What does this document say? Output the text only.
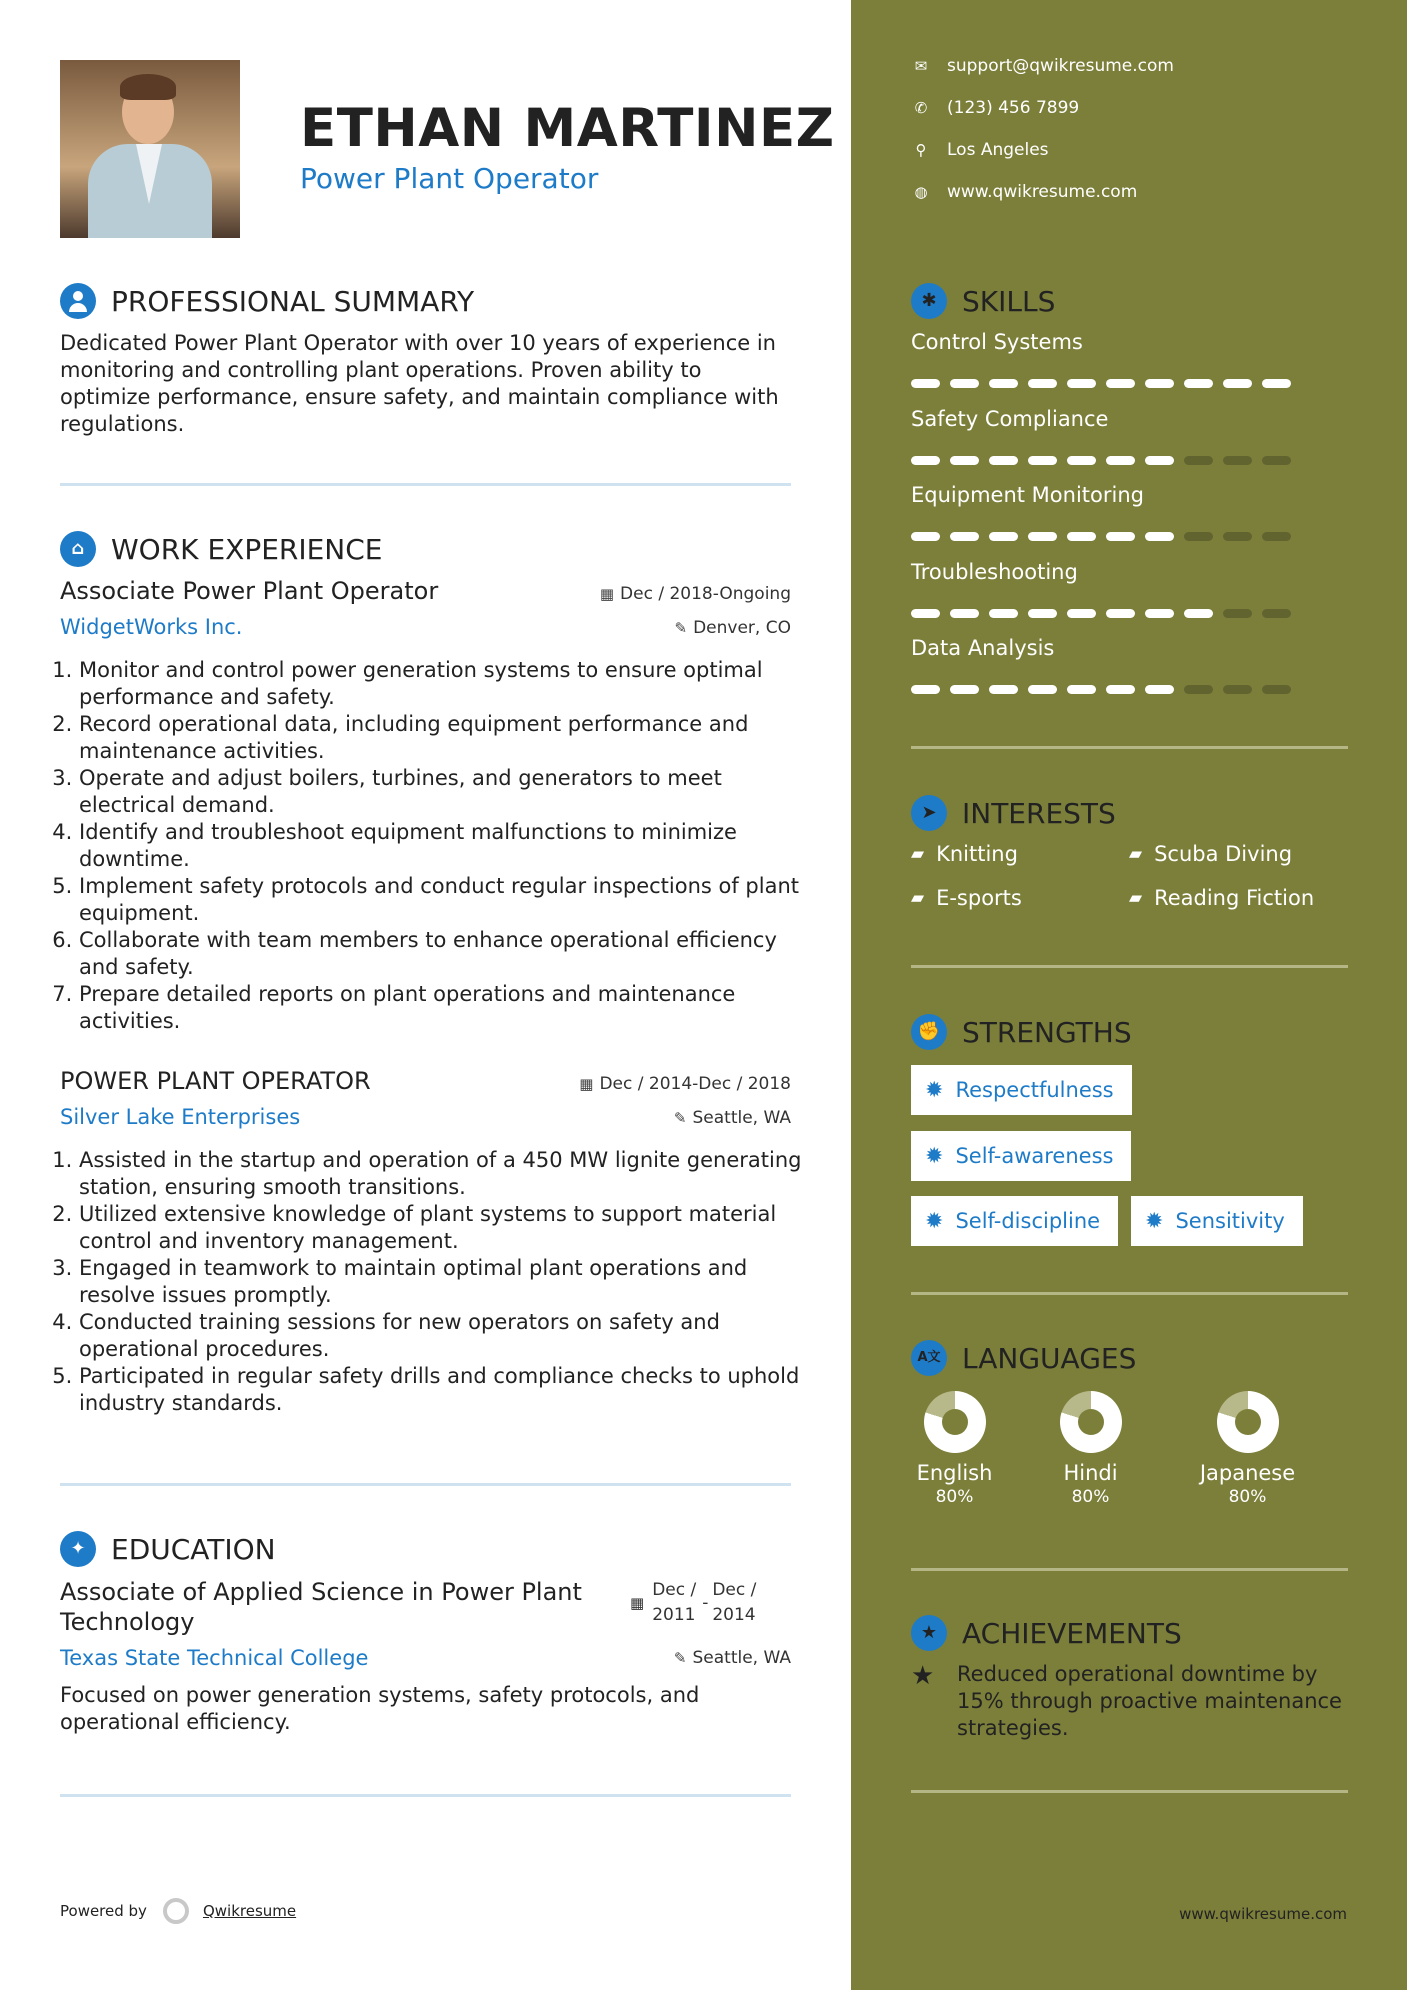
ETHAN MARTINEZ
Power Plant Operator
PROFESSIONAL SUMMARY
Dedicated Power Plant Operator with over 10 years of experience in monitoring and controlling plant operations. Proven ability to optimize performance, ensure safety, and maintain compliance with regulations.
⌂ WORK EXPERIENCE
Associate Power Plant Operator	▦ Dec / 2018-Ongoing
WidgetWorks Inc.	✎ Denver, CO
1. Monitor and control power generation systems to ensure optimal performance and safety.
2. Record operational data, including equipment performance and maintenance activities.
3. Operate and adjust boilers, turbines, and generators to meet electrical demand.
4. Identify and troubleshoot equipment malfunctions to minimize downtime.
5. Implement safety protocols and conduct regular inspections of plant equipment.
6. Collaborate with team members to enhance operational efficiency and safety.
7. Prepare detailed reports on plant operations and maintenance activities.
POWER PLANT OPERATOR	▦ Dec / 2014-Dec / 2018
Silver Lake Enterprises	✎ Seattle, WA
1. Assisted in the startup and operation of a 450 MW lignite generating station, ensuring smooth transitions.
2. Utilized extensive knowledge of plant systems to support material control and inventory management.
3. Engaged in teamwork to maintain optimal plant operations and resolve issues promptly.
4. Conducted training sessions for new operators on safety and operational procedures.
5. Participated in regular safety drills and compliance checks to uphold industry standards.
✦ EDUCATION
Associate of Applied Science in Power Plant Technology
▦
Dec / 2011
-
Dec / 2014
Texas State Technical College	✎ Seattle, WA
Focused on power generation systems, safety protocols, and operational efficiency.
Powered by	Qwikresume	www.qwikresume.com
✉ support@qwikresume.com
✆ (123) 456 7899
⚲ Los Angeles
◍ www.qwikresume.com
✱ SKILLS
Control Systems
Safety Compliance
Equipment Monitoring
Troubleshooting
Data Analysis
➤ INTERESTS
▰ Knitting	▰ Scuba Diving
▰ E-sports	▰ Reading Fiction
✊ STRENGTHS
✹ Respectfulness
✹ Self-awareness
✹ Self-discipline ✹ Sensitivity
A文 LANGUAGES
English
80%
Hindi
80%
Japanese
80%
★ ACHIEVEMENTS
★	Reduced operational downtime by 15% through proactive maintenance strategies.
